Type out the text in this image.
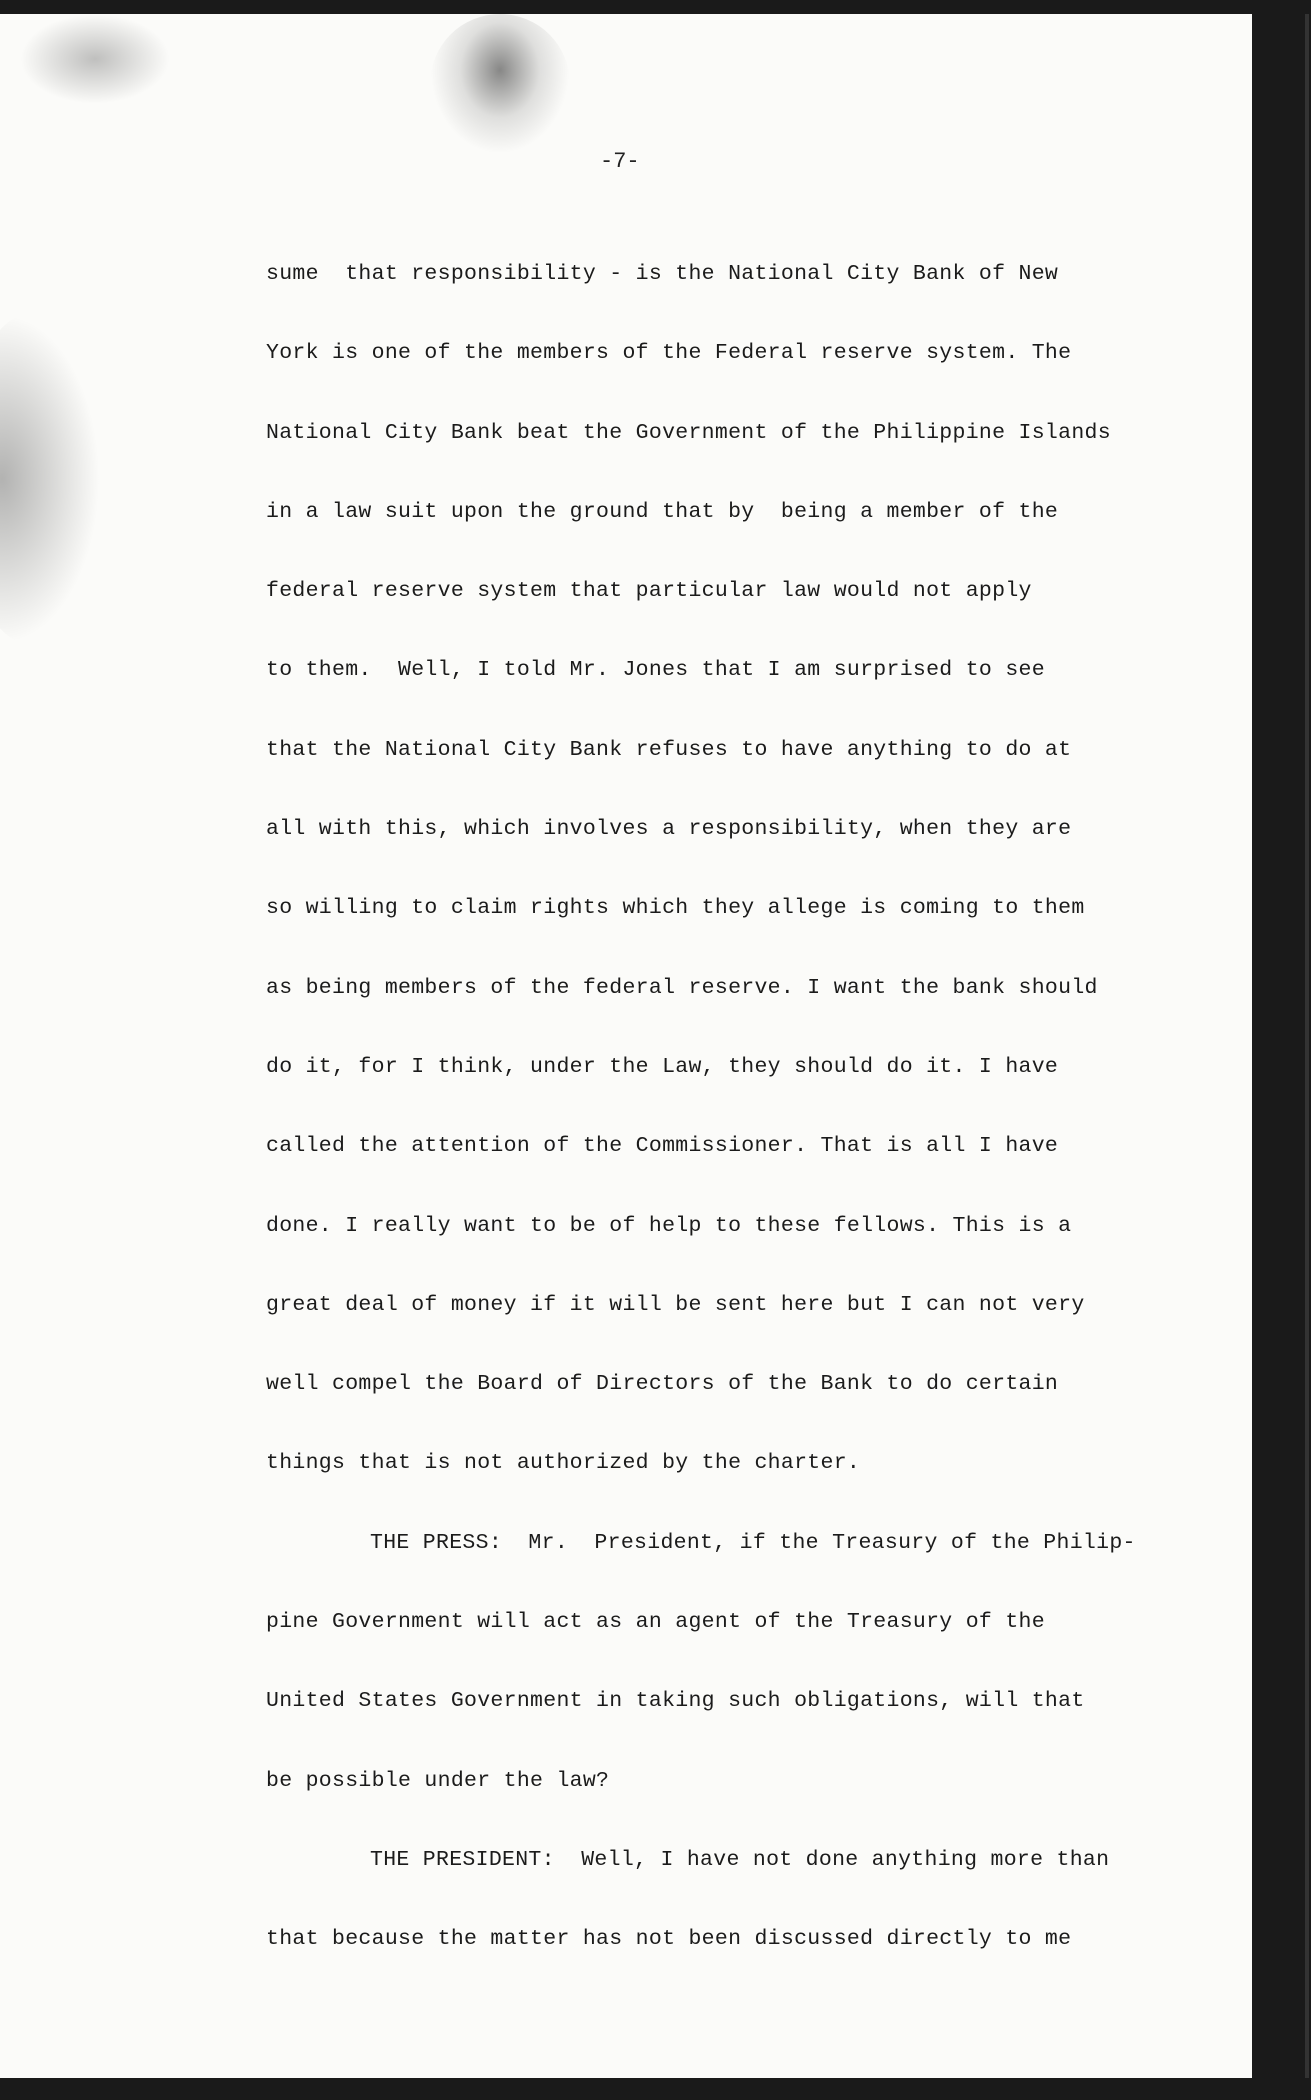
-7-
sume  that responsibility - is the National City Bank of New
York is one of the members of the Federal reserve system. The
National City Bank beat the Government of the Philippine Islands
in a law suit upon the ground that by  being a member of the
federal reserve system that particular law would not apply
to them.  Well, I told Mr. Jones that I am surprised to see
that the National City Bank refuses to have anything to do at
all with this, which involves a responsibility, when they are
so willing to claim rights which they allege is coming to them
as being members of the federal reserve. I want the bank should
do it, for I think, under the Law, they should do it. I have
called the attention of the Commissioner. That is all I have
done. I really want to be of help to these fellows. This is a
great deal of money if it will be sent here but I can not very
well compel the Board of Directors of the Bank to do certain
things that is not authorized by the charter.
THE PRESS:  Mr.  President, if the Treasury of the Philip-
pine Government will act as an agent of the Treasury of the
United States Government in taking such obligations, will that
be possible under the law?
THE PRESIDENT:  Well, I have not done anything more than
that because the matter has not been discussed directly to me
